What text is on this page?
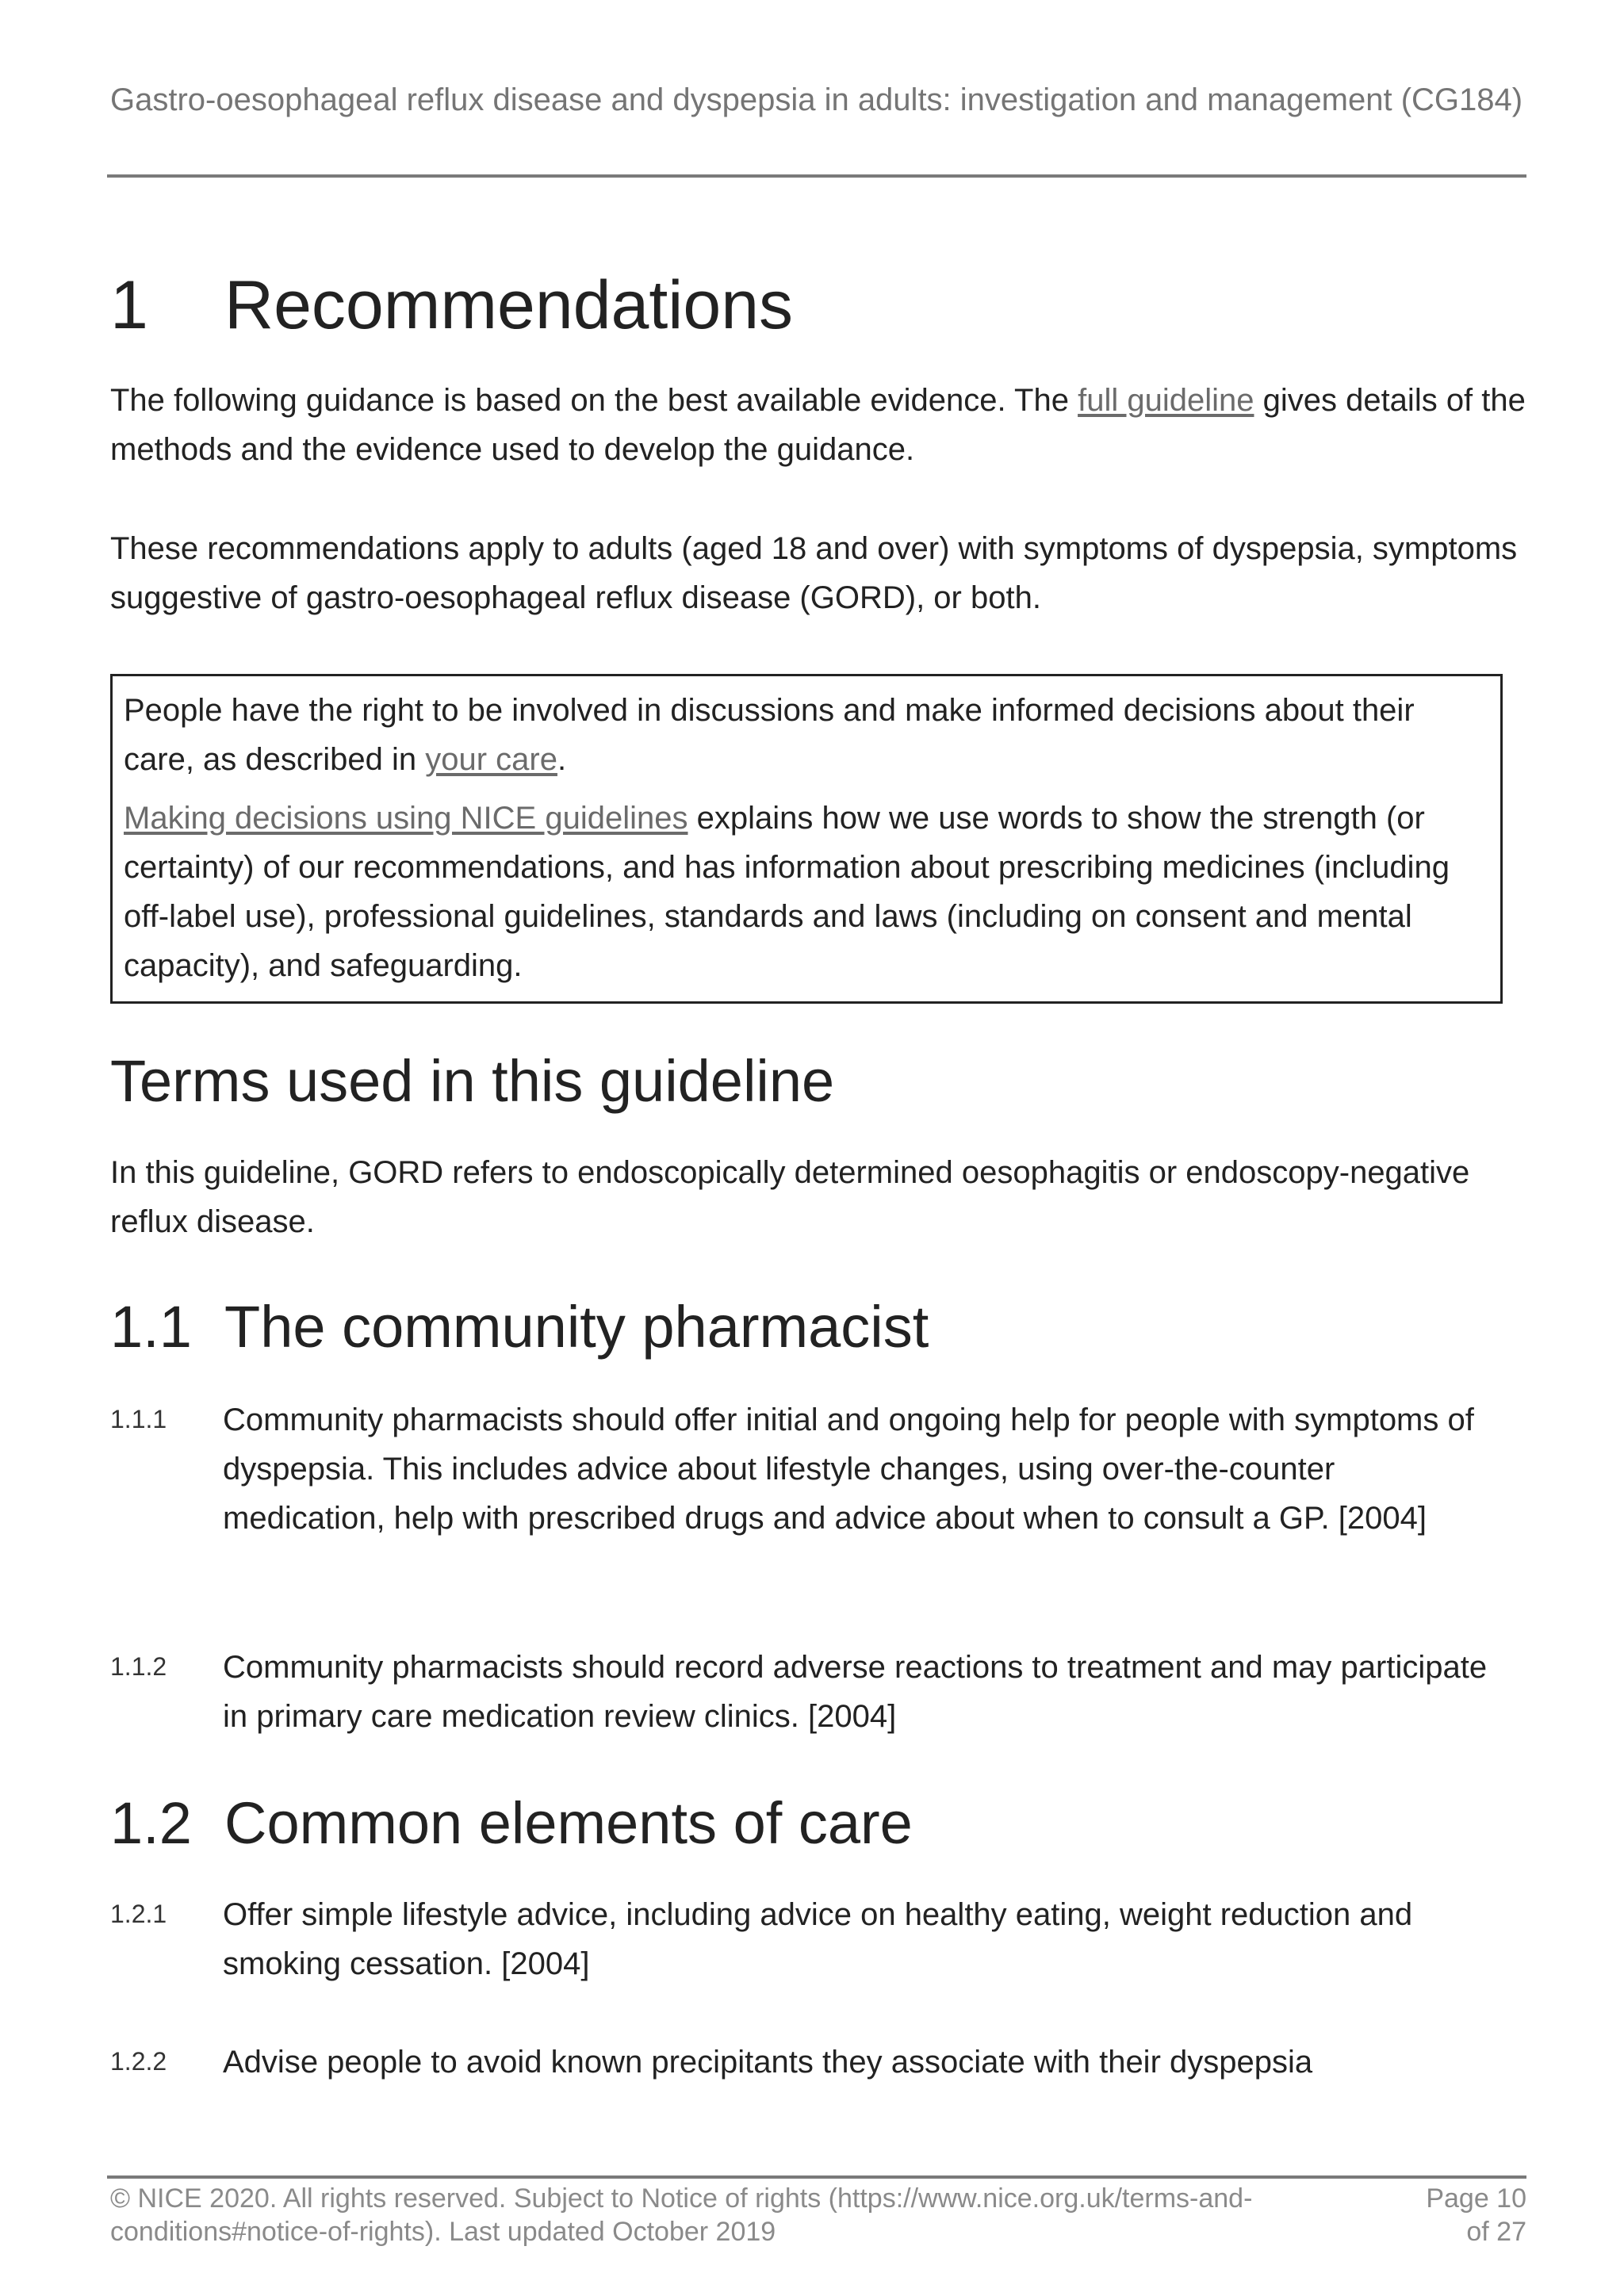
Gastro-oesophageal reflux disease and dyspepsia in adults: investigation and management (CG184)
1 Recommendations

The following guidance is based on the best available evidence. The full guideline gives details of the methods and the evidence used to develop the guidance.

These recommendations apply to adults (aged 18 and over) with symptoms of dyspepsia, symptoms suggestive of gastro-oesophageal reflux disease (GORD), or both.

People have the right to be involved in discussions and make informed decisions about their care, as described in your care.

Making decisions using NICE guidelines explains how we use words to show the strength (or certainty) of our recommendations, and has information about prescribing medicines (including off-label use), professional guidelines, standards and laws (including on consent and mental capacity), and safeguarding.

Terms used in this guideline

In this guideline, GORD refers to endoscopically determined oesophagitis or endoscopy-negative reflux disease.

1.1 The community pharmacist
1.1.1 Community pharmacists should offer initial and ongoing help for people with symptoms of dyspepsia. This includes advice about lifestyle changes, using over-the-counter medication, help with prescribed drugs and advice about when to consult a GP. [2004]
1.1.2 Community pharmacists should record adverse reactions to treatment and may participate in primary care medication review clinics. [2004]
1.2 Common elements of care
1.2.1 Offer simple lifestyle advice, including advice on healthy eating, weight reduction and smoking cessation. [2004]
1.2.2 Advise people to avoid known precipitants they associate with their dyspepsia
© NICE 2020. All rights reserved. Subject to Notice of rights (https://www.nice.org.uk/terms-and-conditions#notice-of-rights). Last updated October 2019
Page 10
of 27
